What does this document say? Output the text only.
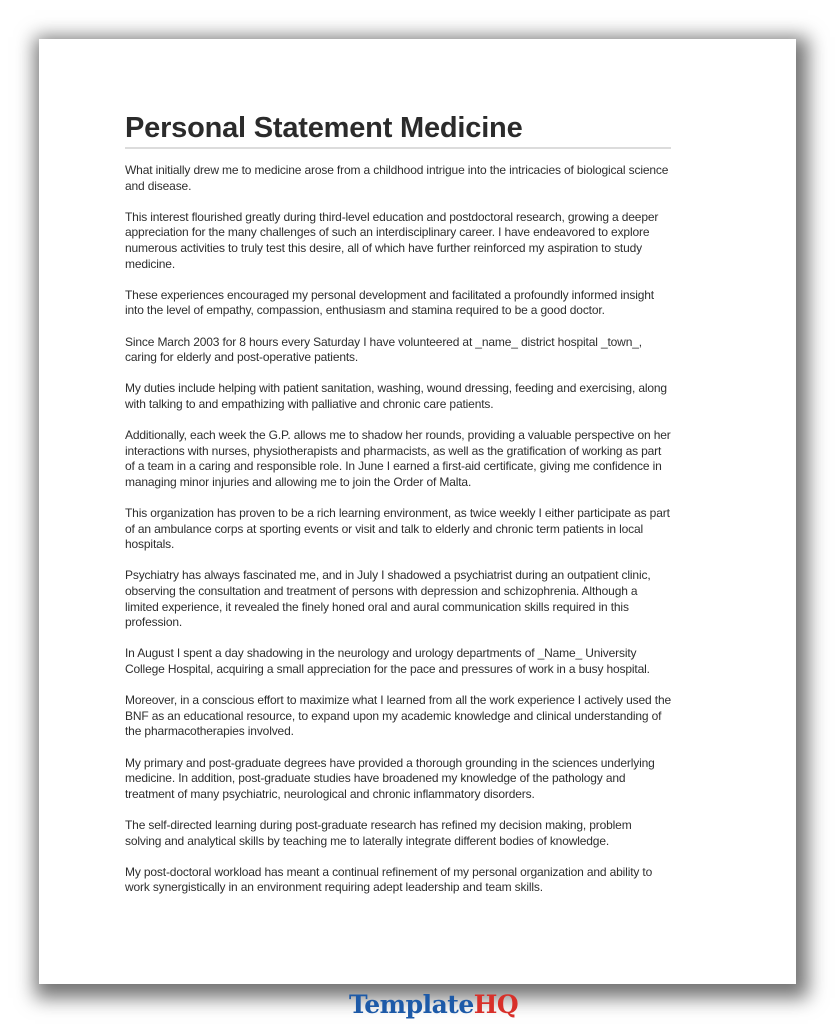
Personal Statement Medicine

What initially drew me to medicine arose from a childhood intrigue into the intricacies of biological science and disease.

This interest flourished greatly during third-level education and postdoctoral research, growing a deeper appreciation for the many challenges of such an interdisciplinary career. I have endeavored to explore numerous activities to truly test this desire, all of which have further reinforced my aspiration to study medicine.

These experiences encouraged my personal development and facilitated a profoundly informed insight into the level of empathy, compassion, enthusiasm and stamina required to be a good doctor.

Since March 2003 for 8 hours every Saturday I have volunteered at _name_ district hospital _town_, caring for elderly and post-operative patients.

My duties include helping with patient sanitation, washing, wound dressing, feeding and exercising, along with talking to and empathizing with palliative and chronic care patients.

Additionally, each week the G.P. allows me to shadow her rounds, providing a valuable perspective on her interactions with nurses, physiotherapists and pharmacists, as well as the gratification of working as part of a team in a caring and responsible role. In June I earned a first-aid certificate, giving me confidence in managing minor injuries and allowing me to join the Order of Malta.

This organization has proven to be a rich learning environment, as twice weekly I either participate as part of an ambulance corps at sporting events or visit and talk to elderly and chronic term patients in local hospitals.

Psychiatry has always fascinated me, and in July I shadowed a psychiatrist during an outpatient clinic, observing the consultation and treatment of persons with depression and schizophrenia. Although a limited experience, it revealed the finely honed oral and aural communication skills required in this profession.

In August I spent a day shadowing in the neurology and urology departments of _Name_ University College Hospital, acquiring a small appreciation for the pace and pressures of work in a busy hospital.

Moreover, in a conscious effort to maximize what I learned from all the work experience I actively used the BNF as an educational resource, to expand upon my academic knowledge and clinical understanding of the pharmacotherapies involved.

My primary and post-graduate degrees have provided a thorough grounding in the sciences underlying medicine. In addition, post-graduate studies have broadened my knowledge of the pathology and treatment of many psychiatric, neurological and chronic inflammatory disorders.

The self-directed learning during post-graduate research has refined my decision making, problem solving and analytical skills by teaching me to laterally integrate different bodies of knowledge.

My post-doctoral workload has meant a continual refinement of my personal organization and ability to work synergistically in an environment requiring adept leadership and team skills.

TemplateHQ
